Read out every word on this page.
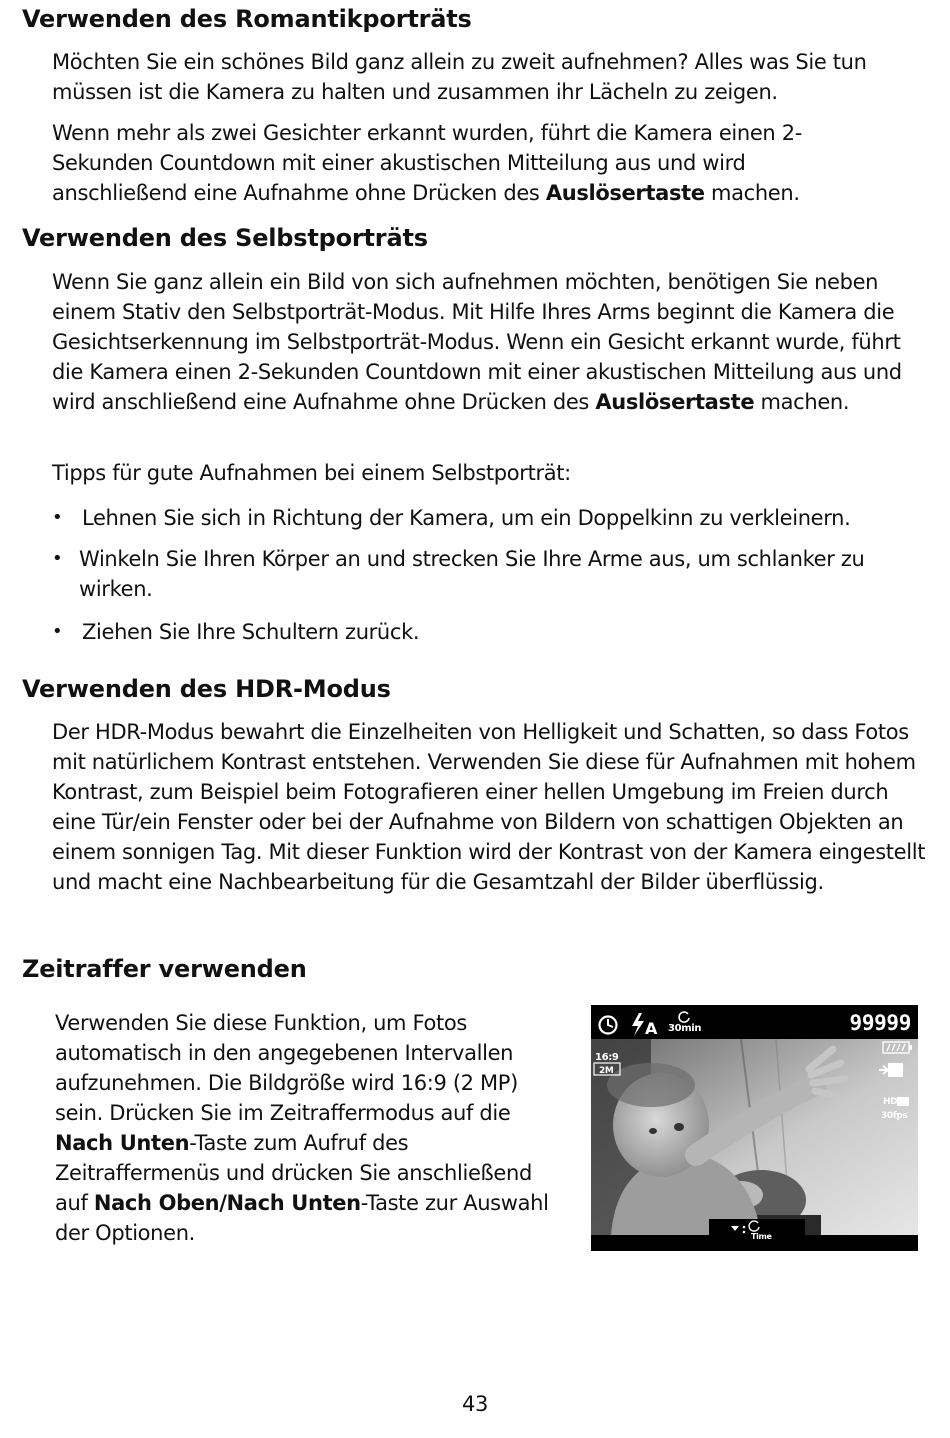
Verwenden des Romantikporträts

Möchten Sie ein schönes Bild ganz allein zu zweit aufnehmen? Alles was Sie tun müssen ist die Kamera zu halten und zusammen ihr Lächeln zu zeigen.

Wenn mehr als zwei Gesichter erkannt wurden, führt die Kamera einen 2-Sekunden Countdown mit einer akustischen Mitteilung aus und wird anschließend eine Aufnahme ohne Drücken des Auslösertaste machen.

Verwenden des Selbstporträts

Wenn Sie ganz allein ein Bild von sich aufnehmen möchten, benötigen Sie neben einem Stativ den Selbstporträt-Modus. Mit Hilfe Ihres Arms beginnt die Kamera die Gesichtserkennung im Selbstporträt-Modus. Wenn ein Gesicht erkannt wurde, führt die Kamera einen 2-Sekunden Countdown mit einer akustischen Mitteilung aus und wird anschließend eine Aufnahme ohne Drücken des Auslösertaste machen.

Tipps für gute Aufnahmen bei einem Selbstporträt:

• Lehnen Sie sich in Richtung der Kamera, um ein Doppelkinn zu verkleinern.
• Winkeln Sie Ihren Körper an und strecken Sie Ihre Arme aus, um schlanker zu wirken.
• Ziehen Sie Ihre Schultern zurück.
Verwenden des HDR-Modus

Der HDR-Modus bewahrt die Einzelheiten von Helligkeit und Schatten, so dass Fotos mit natürlichem Kontrast entstehen. Verwenden Sie diese für Aufnahmen mit hohem Kontrast, zum Beispiel beim Fotografieren einer hellen Umgebung im Freien durch eine Tür/ein Fenster oder bei der Aufnahme von Bildern von schattigen Objekten an einem sonnigen Tag. Mit dieser Funktion wird der Kontrast von der Kamera eingestellt und macht eine Nachbearbeitung für die Gesamtzahl der Bilder überflüssig.

Zeitraffer verwenden

Verwenden Sie diese Funktion, um Fotos automatisch in den angegebenen Intervallen aufzunehmen. Die Bildgröße wird 16:9 (2 MP) sein. Drücken Sie im Zeitraffermodus auf die Nach Unten-Taste zum Aufruf des Zeitraffermenüs und drücken Sie anschließend auf Nach Oben/Nach Unten-Taste zur Auswahl der Optionen.

A 30min	99999
16:9
2M
HD
30fps
Time
43
